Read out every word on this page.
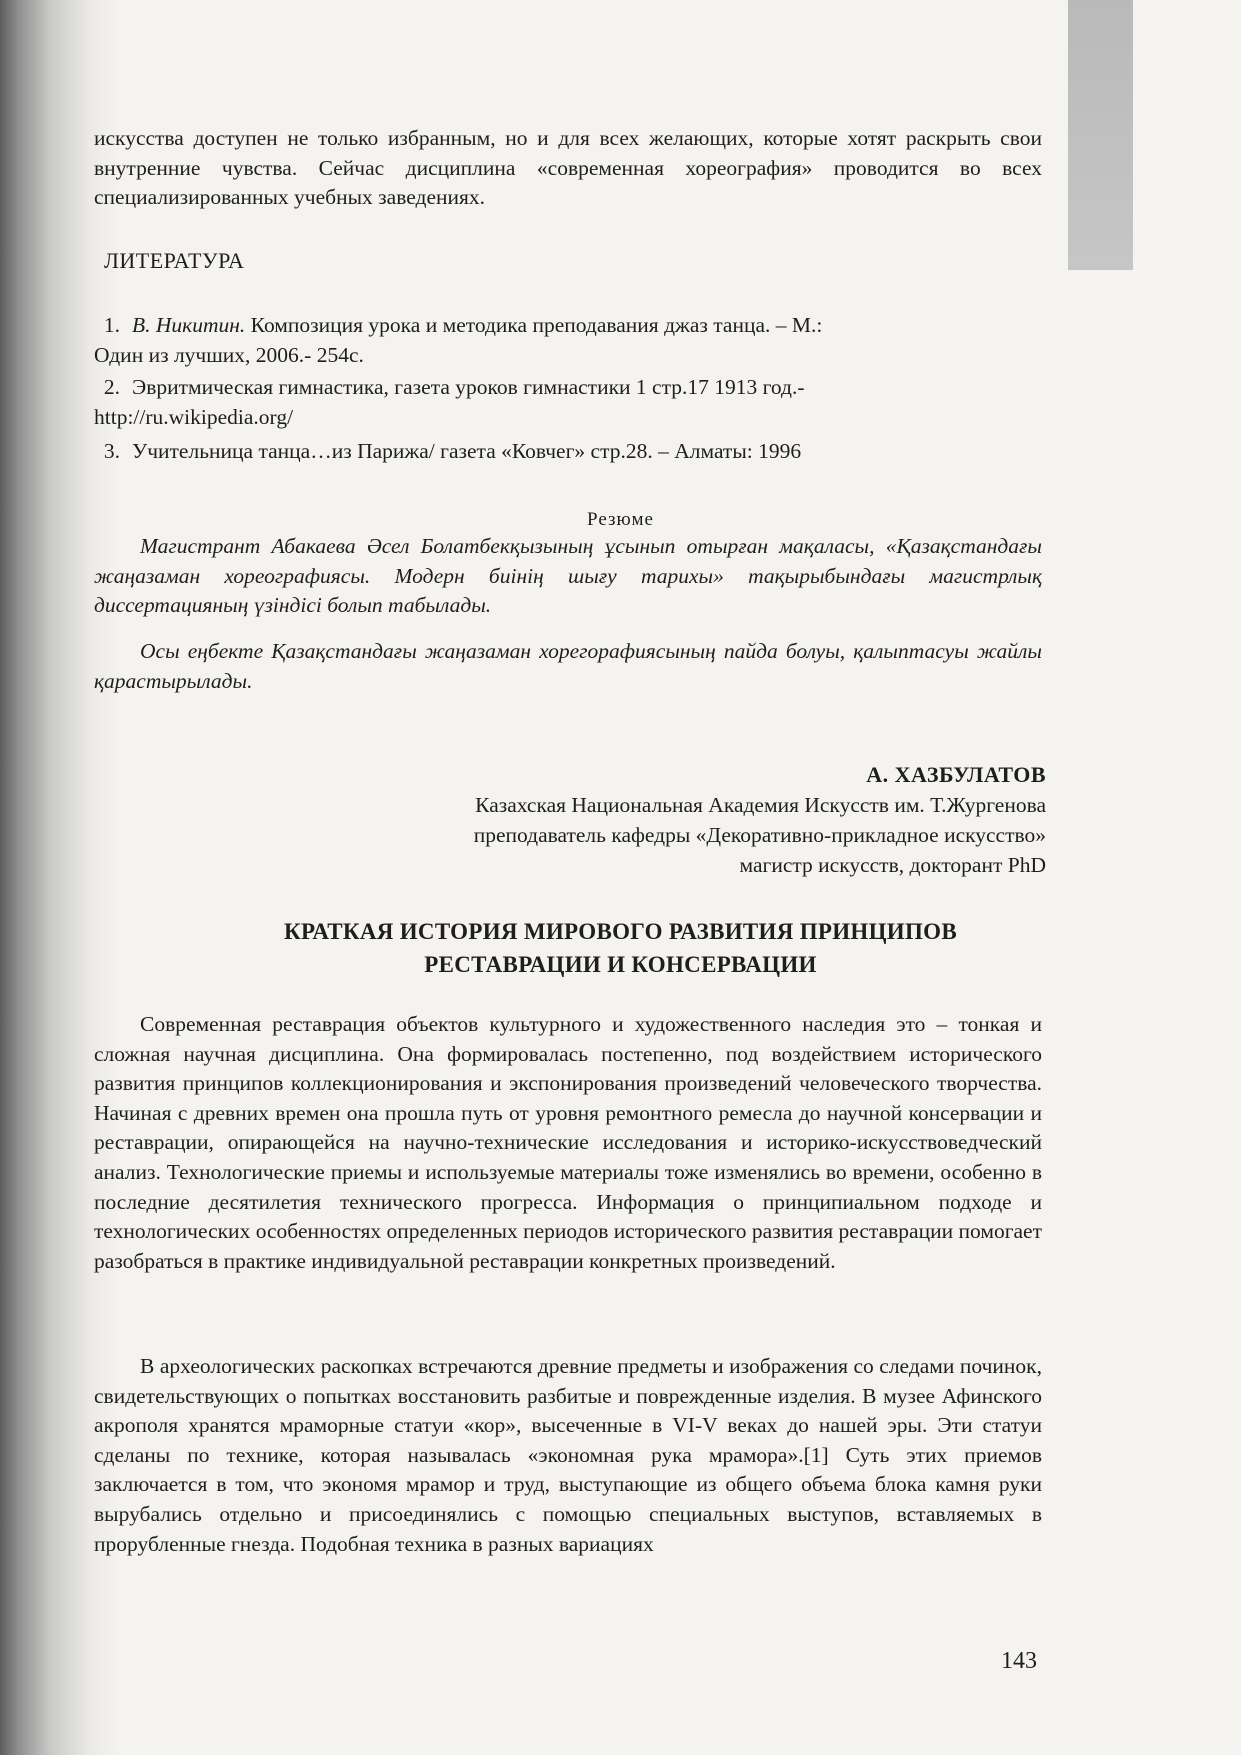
искусства доступен не только избранным, но и для всех желающих, которые хотят раскрыть свои внутренние чувства. Сейчас дисциплина «современная хореография» проводится во всех специализированных учебных заведениях.

ЛИТЕРАТУРА
1. В. Никитин. Композиция урока и методика преподавания джаз танца. – М.:
Один из лучших, 2006.- 254с.
2. Эвритмическая гимнастика, газета уроков гимнастики 1 стр.17 1913 год.-
http://ru.wikipedia.org/
3. Учительница танца…из Парижа/ газета «Ковчег» стр.28. – Алматы: 1996
Резюме

Магистрант Абакаева Әсел Болатбекқызының ұсынып отырған мақаласы, «Қазақстандағы жаңазаман хореографиясы. Модерн биінің шығу тарихы» тақырыбындағы магистрлық диссертацияның үзіндісі болып табылады.

Осы еңбекте Қазақстандағы жаңазаман хорегорафиясының пайда болуы, қалыптасуы жайлы қарастырылады.

А. ХАЗБУЛАТОВ
Казахская Национальная Академия Искусств им. Т.Жургенова
преподаватель кафедры «Декоративно-прикладное искусство»
магистр искусств, докторант PhD
КРАТКАЯ ИСТОРИЯ МИРОВОГО РАЗВИТИЯ ПРИНЦИПОВ
РЕСТАВРАЦИИ И КОНСЕРВАЦИИ

Современная реставрация объектов культурного и художественного наследия это – тонкая и сложная научная дисциплина. Она формировалась постепенно, под воздействием исторического развития принципов коллекционирования и экспонирования произведений человеческого творчества. Начиная с древних времен она прошла путь от уровня ремонтного ремесла до научной консервации и реставрации, опирающейся на научно-технические исследования и историко-искусствоведческий анализ. Технологические приемы и используемые материалы тоже изменялись во времени, особенно в последние десятилетия технического прогресса. Информация о принципиальном подходе и технологических особенностях определенных периодов исторического развития реставрации помогает разобраться в практике индивидуальной реставрации конкретных произведений.

В археологических раскопках встречаются древние предметы и изображения со следами починок, свидетельствующих о попытках восстановить разбитые и поврежденные изделия. В музее Афинского акрополя хранятся мраморные статуи «кор», высеченные в VI-V веках до нашей эры. Эти статуи сделаны по технике, которая называлась «экономная рука мрамора».[1] Суть этих приемов заключается в том, что экономя мрамор и труд, выступающие из общего объема блока камня руки вырубались отдельно и присоединялись с помощью специальных выступов, вставляемых в прорубленные гнезда. Подобная техника в разных вариациях

143
